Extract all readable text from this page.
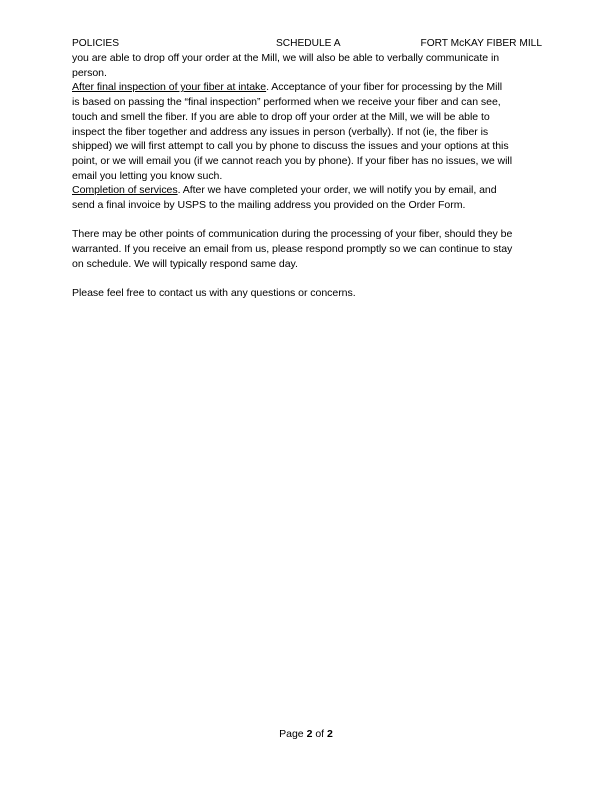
POLICIES	SCHEDULE A	FORT McKAY FIBER MILL

you are able to drop off your order at the Mill, we will also be able to verbally communicate in
person.

After final inspection of your fiber at intake. Acceptance of your fiber for processing by the Mill
is based on passing the “final inspection” performed when we receive your fiber and can see,
touch and smell the fiber. If you are able to drop off your order at the Mill, we will be able to
inspect the fiber together and address any issues in person (verbally). If not (ie, the fiber is
shipped) we will first attempt to call you by phone to discuss the issues and your options at this
point, or we will email you (if we cannot reach you by phone). If your fiber has no issues, we will
email you letting you know such.

Completion of services. After we have completed your order, we will notify you by email, and
send a final invoice by USPS to the mailing address you provided on the Order Form.

There may be other points of communication during the processing of your fiber, should they be
warranted. If you receive an email from us, please respond promptly so we can continue to stay
on schedule. We will typically respond same day.

Please feel free to contact us with any questions or concerns.

Page 2 of 2
